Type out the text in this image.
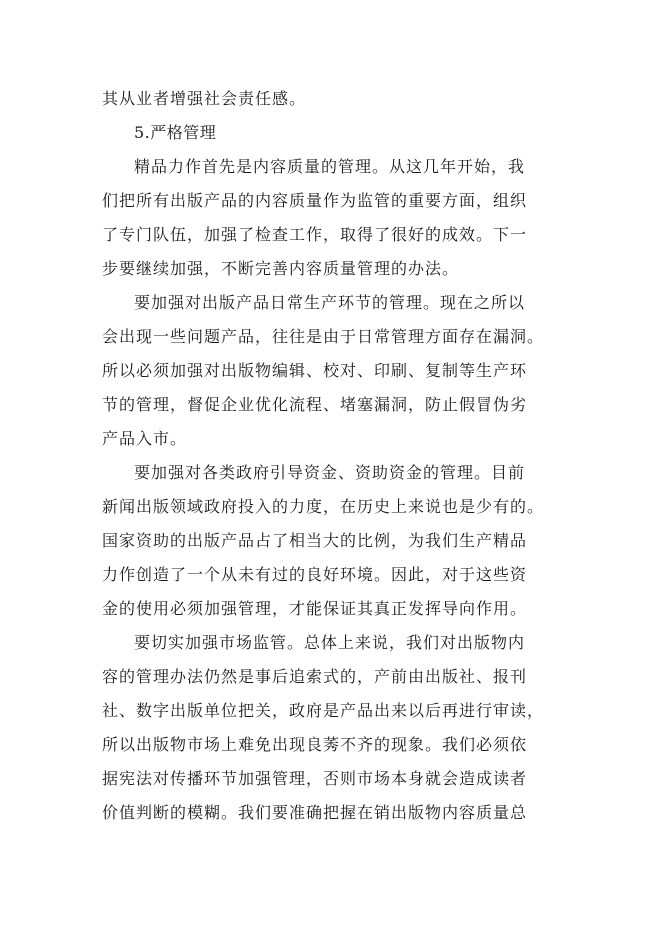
其从业者增强社会责任感。
5.严格管理
精品力作首先是内容质量的管理。从这几年开始，我
们把所有出版产品的内容质量作为监管的重要方面，组织
了专门队伍，加强了检查工作，取得了很好的成效。下一
步要继续加强，不断完善内容质量管理的办法。
要加强对出版产品日常生产环节的管理。现在之所以
会出现一些问题产品，往往是由于日常管理方面存在漏洞。
所以必须加强对出版物编辑、校对、印刷、复制等生产环
节的管理，督促企业优化流程、堵塞漏洞，防止假冒伪劣
产品入市。
要加强对各类政府引导资金、资助资金的管理。目前
新闻出版领域政府投入的力度，在历史上来说也是少有的。
国家资助的出版产品占了相当大的比例，为我们生产精品
力作创造了一个从未有过的良好环境。因此，对于这些资
金的使用必须加强管理，才能保证其真正发挥导向作用。
要切实加强市场监管。总体上来说，我们对出版物内
容的管理办法仍然是事后追索式的，产前由出版社、报刊
社、数字出版单位把关，政府是产品出来以后再进行审读，
所以出版物市场上难免出现良莠不齐的现象。我们必须依
据宪法对传播环节加强管理，否则市场本身就会造成读者
价值判断的模糊。我们要准确把握在销出版物内容质量总
